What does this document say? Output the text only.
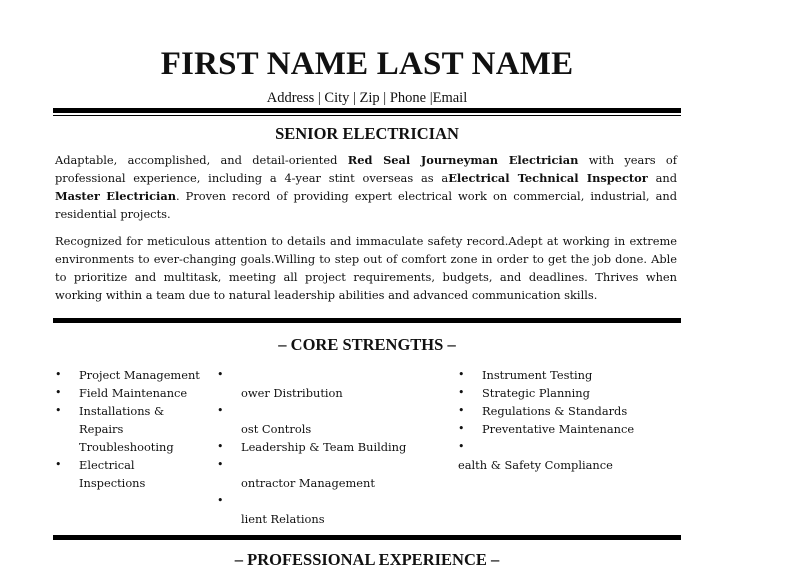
FIRST NAME LAST NAME
Address | City | Zip | Phone |Email
SENIOR ELECTRICIAN

Adaptable, accomplished, and detail-oriented Red Seal Journeyman Electrician with years of professional experience, including a 4-year stint overseas as aElectrical Technical Inspector and Master Electrician. Proven record of providing expert electrical work on commercial, industrial, and residential projects.

Recognized for meticulous attention to details and immaculate safety record.Adept at working in extreme environments to ever-changing goals.Willing to step out of comfort zone in order to get the job done. Able to prioritize and multitask, meeting all project requirements, budgets, and deadlines. Thrives when working within a team due to natural leadership abilities and advanced communication skills.

– CORE STRENGTHS –
• Project Management
• Field Maintenance
• Installations &
Repairs
Troubleshooting
• Electrical
Inspections
•
ower Distribution
•
ost Controls
• Leadership & Team Building
•
ontractor Management
•
lient Relations
• Instrument Testing
• Strategic Planning
• Regulations & Standards
• Preventative Maintenance
•
ealth & Safety Compliance
– PROFESSIONAL EXPERIENCE –
